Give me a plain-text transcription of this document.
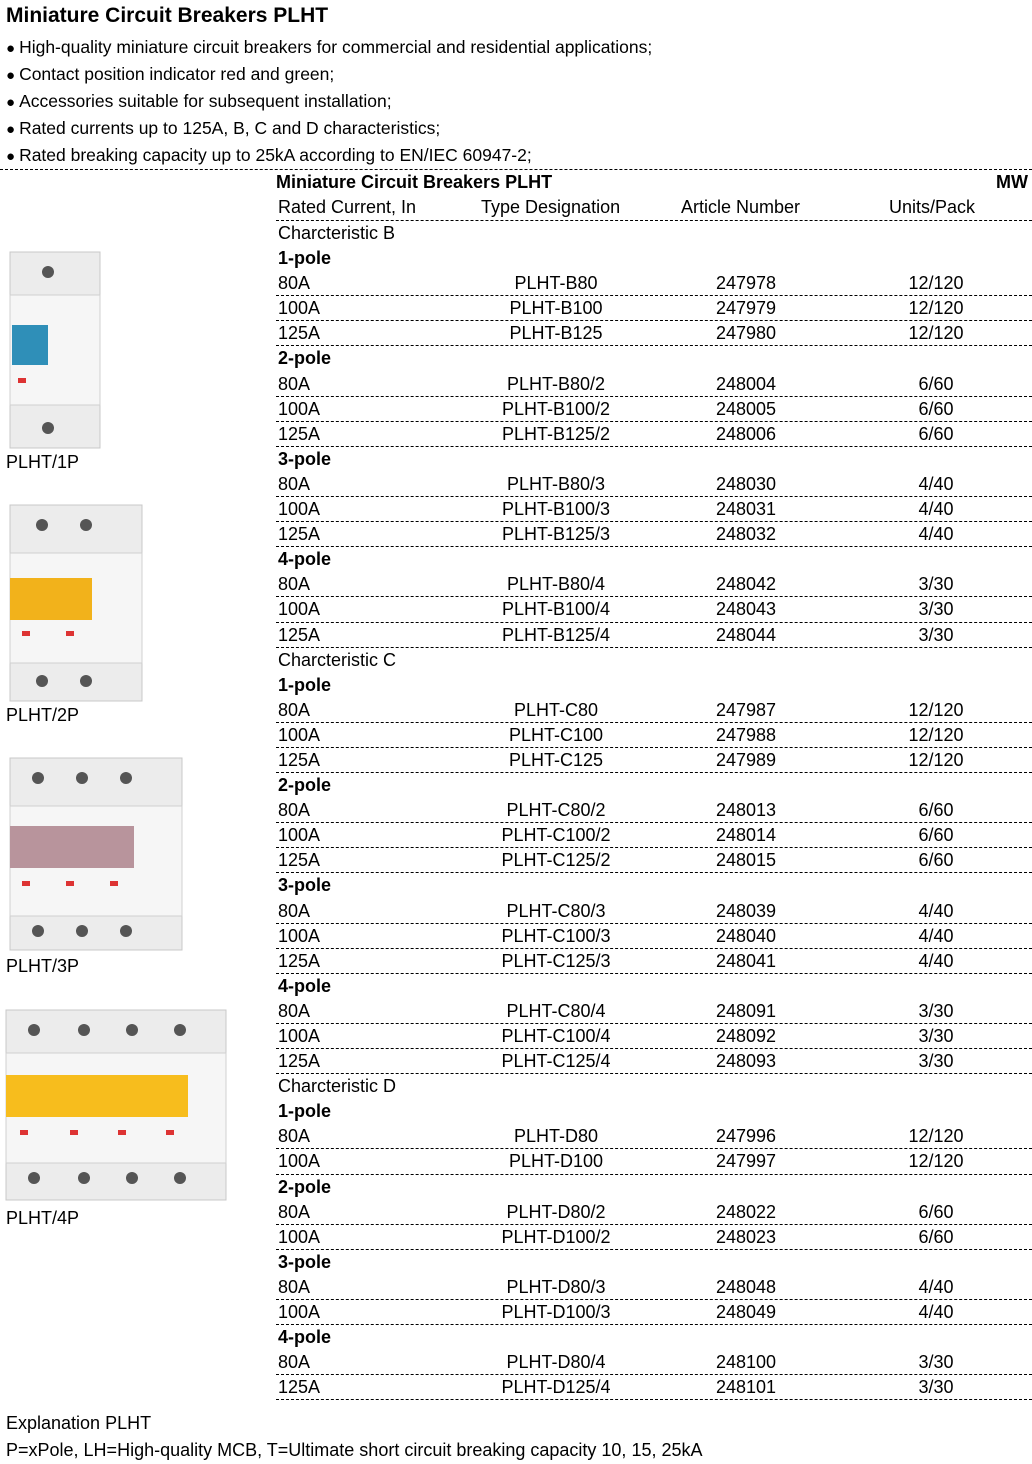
Miniature Circuit Breakers PLHT
● High-quality miniature circuit breakers for commercial and residential applications;
● Contact position indicator red and green;
● Accessories suitable for subsequent installation;
● Rated currents up to 125A, B, C and D characteristics;
● Rated breaking capacity up to 25kA according to EN/IEC 60947-2;
PLHT/1P
PLHT/2P
PLHT/3P
PLHT/4P
Miniature Circuit Breakers PLHT	MW
Rated Current, In	Type Designation	Article Number	Units/Pack
Charcteristic B
1-pole
80A	PLHT-B80	247978	12/120
100A	PLHT-B100	247979	12/120
125A	PLHT-B125	247980	12/120
2-pole
80A	PLHT-B80/2	248004	6/60
100A	PLHT-B100/2	248005	6/60
125A	PLHT-B125/2	248006	6/60
3-pole
80A	PLHT-B80/3	248030	4/40
100A	PLHT-B100/3	248031	4/40
125A	PLHT-B125/3	248032	4/40
4-pole
80A	PLHT-B80/4	248042	3/30
100A	PLHT-B100/4	248043	3/30
125A	PLHT-B125/4	248044	3/30
Charcteristic C
1-pole
80A	PLHT-C80	247987	12/120
100A	PLHT-C100	247988	12/120
125A	PLHT-C125	247989	12/120
2-pole
80A	PLHT-C80/2	248013	6/60
100A	PLHT-C100/2	248014	6/60
125A	PLHT-C125/2	248015	6/60
3-pole
80A	PLHT-C80/3	248039	4/40
100A	PLHT-C100/3	248040	4/40
125A	PLHT-C125/3	248041	4/40
4-pole
80A	PLHT-C80/4	248091	3/30
100A	PLHT-C100/4	248092	3/30
125A	PLHT-C125/4	248093	3/30
Charcteristic D
1-pole
80A	PLHT-D80	247996	12/120
100A	PLHT-D100	247997	12/120
2-pole
80A	PLHT-D80/2	248022	6/60
100A	PLHT-D100/2	248023	6/60
3-pole
80A	PLHT-D80/3	248048	4/40
100A	PLHT-D100/3	248049	4/40
4-pole
80A	PLHT-D80/4	248100	3/30
125A	PLHT-D125/4	248101	3/30
Explanation PLHT
P=xPole, LH=High-quality MCB, T=Ultimate short circuit breaking capacity 10, 15, 25kA
